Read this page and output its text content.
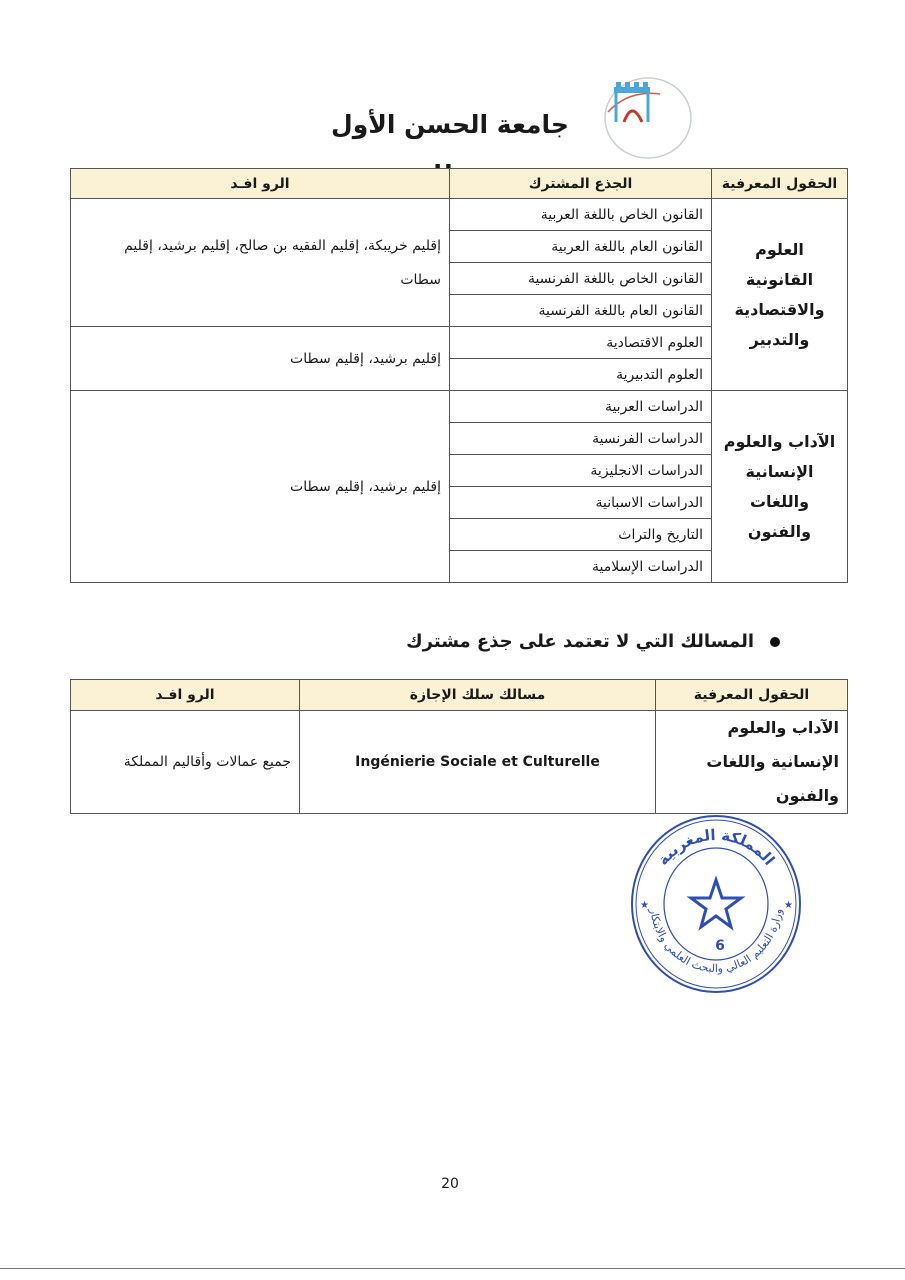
جامعة الحسن الأول
الحقول المعرفية	الجذع المشترك	الرو افـد
العلوم القانونية والاقتصادية والتدبير	القانون الخاص باللغة العربية	إقليم خريبكة، إقليم الفقيه بن صالح، إقليم برشيد، إقليم سطات
	القانون العام باللغة العربية	
	القانون الخاص باللغة الفرنسية	
	القانون العام باللغة الفرنسية	
	العلوم الاقتصادية	إقليم برشيد، إقليم سطات
	العلوم التدبيرية	
الآداب والعلوم الإنسانية واللغات والفنون	الدراسات العربية	إقليم برشيد، إقليم سطات
	الدراسات الفرنسية	
	الدراسات الانجليزية	
	الدراسات الاسبانية	
	التاريخ والتراث	
	الدراسات الإسلامية	
المسالك التي لا تعتمد على جذع مشترك
الحقول المعرفية	مسالك سلك الإجازة	الرو افـد
الآداب والعلوم الإنسانية واللغات والفنون	Ingénierie Sociale et Culturelle	جميع عمالات وأقاليم المملكة
المملكة المغربية
وزارة التعليم العالي والبحث العلمي والابتكار
6
★	★
20
